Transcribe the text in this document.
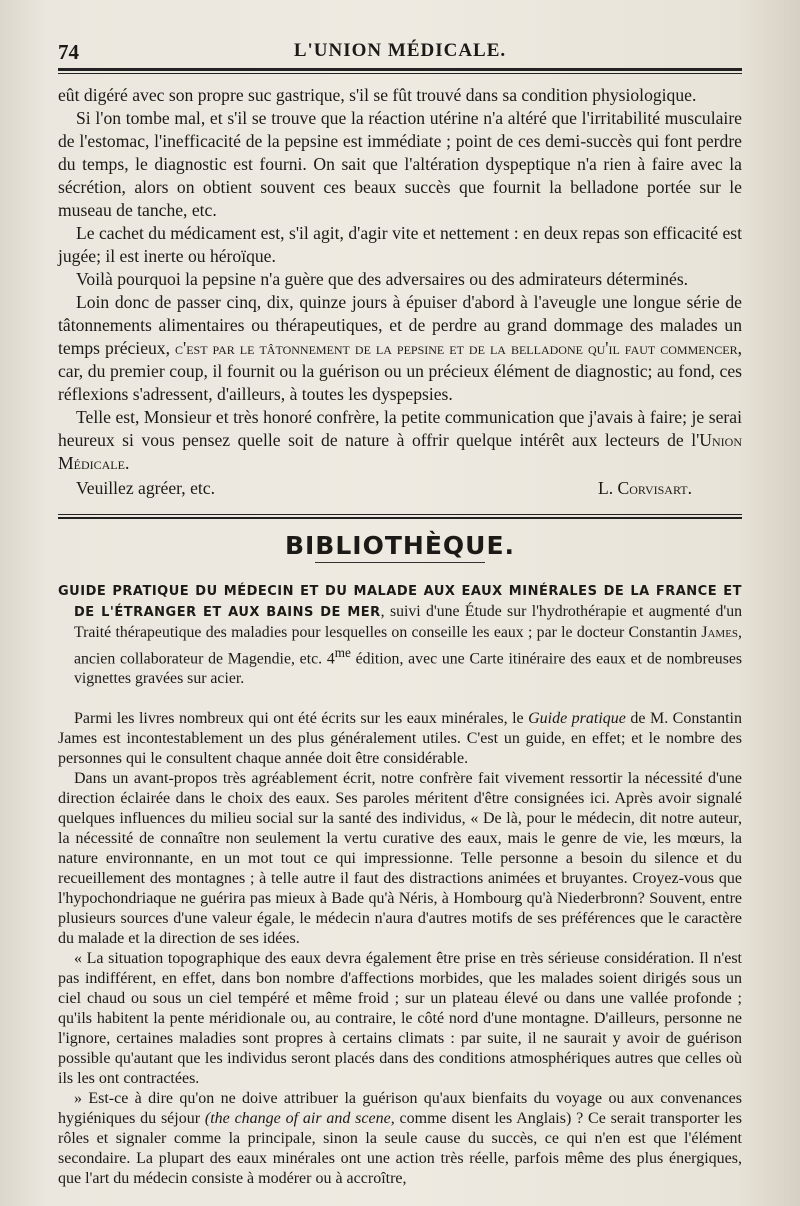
74	L'UNION MÉDICALE.

eût digéré avec son propre suc gastrique, s'il se fût trouvé dans sa condition physiologique.

Si l'on tombe mal, et s'il se trouve que la réaction utérine n'a altéré que l'irritabilité musculaire de l'estomac, l'inefficacité de la pepsine est immédiate ; point de ces demi-succès qui font perdre du temps, le diagnostic est fourni. On sait que l'altération dyspeptique n'a rien à faire avec la sécrétion, alors on obtient souvent ces beaux succès que fournit la belladone portée sur le museau de tanche, etc.

Le cachet du médicament est, s'il agit, d'agir vite et nettement : en deux repas son efficacité est jugée; il est inerte ou héroïque.

Voilà pourquoi la pepsine n'a guère que des adversaires ou des admirateurs déterminés.

Loin donc de passer cinq, dix, quinze jours à épuiser d'abord à l'aveugle une longue série de tâtonnements alimentaires ou thérapeutiques, et de perdre au grand dommage des malades un temps précieux, c'est par le tâtonnement de la pepsine et de la belladone qu'il faut commencer, car, du premier coup, il fournit ou la guérison ou un précieux élément de diagnostic; au fond, ces réflexions s'adressent, d'ailleurs, à toutes les dyspepsies.

Telle est, Monsieur et très honoré confrère, la petite communication que j'avais à faire; je serai heureux si vous pensez quelle soit de nature à offrir quelque intérêt aux lecteurs de l'Union Médicale.

Veuillez agréer, etc.	L. Corvisart.
BIBLIOTHÈQUE.

GUIDE PRATIQUE DU MÉDECIN ET DU MALADE AUX EAUX MINÉRALES DE LA FRANCE ET DE L'ÉTRANGER ET AUX BAINS DE MER, suivi d'une Étude sur l'hydrothérapie et augmenté d'un Traité thérapeutique des maladies pour lesquelles on conseille les eaux ; par le docteur Constantin James, ancien collaborateur de Magendie, etc. $4^{me}$ édition, avec une Carte itinéraire des eaux et de nombreuses vignettes gravées sur acier.

Parmi les livres nombreux qui ont été écrits sur les eaux minérales, le Guide pratique de M. Constantin James est incontestablement un des plus généralement utiles. C'est un guide, en effet; et le nombre des personnes qui le consultent chaque année doit être considérable.

Dans un avant-propos très agréablement écrit, notre confrère fait vivement ressortir la nécessité d'une direction éclairée dans le choix des eaux. Ses paroles méritent d'être consignées ici. Après avoir signalé quelques influences du milieu social sur la santé des individus, « De là, pour le médecin, dit notre auteur, la nécessité de connaître non seulement la vertu curative des eaux, mais le genre de vie, les mœurs, la nature environnante, en un mot tout ce qui impressionne. Telle personne a besoin du silence et du recueillement des montagnes ; à telle autre il faut des distractions animées et bruyantes. Croyez-vous que l'hypochondriaque ne guérira pas mieux à Bade qu'à Néris, à Hombourg qu'à Niederbronn? Souvent, entre plusieurs sources d'une valeur égale, le médecin n'aura d'autres motifs de ses préférences que le caractère du malade et la direction de ses idées.

« La situation topographique des eaux devra également être prise en très sérieuse considération. Il n'est pas indifférent, en effet, dans bon nombre d'affections morbides, que les malades soient dirigés sous un ciel chaud ou sous un ciel tempéré et même froid ; sur un plateau élevé ou dans une vallée profonde ; qu'ils habitent la pente méridionale ou, au contraire, le côté nord d'une montagne. D'ailleurs, personne ne l'ignore, certaines maladies sont propres à certains climats : par suite, il ne saurait y avoir de guérison possible qu'autant que les individus seront placés dans des conditions atmosphériques autres que celles où ils les ont contractées.

» Est-ce à dire qu'on ne doive attribuer la guérison qu'aux bienfaits du voyage ou aux convenances hygiéniques du séjour (the change of air and scene, comme disent les Anglais) ? Ce serait transporter les rôles et signaler comme la principale, sinon la seule cause du succès, ce qui n'en est que l'élément secondaire. La plupart des eaux minérales ont une action très réelle, parfois même des plus énergiques, que l'art du médecin consiste à modérer ou à accroître,
